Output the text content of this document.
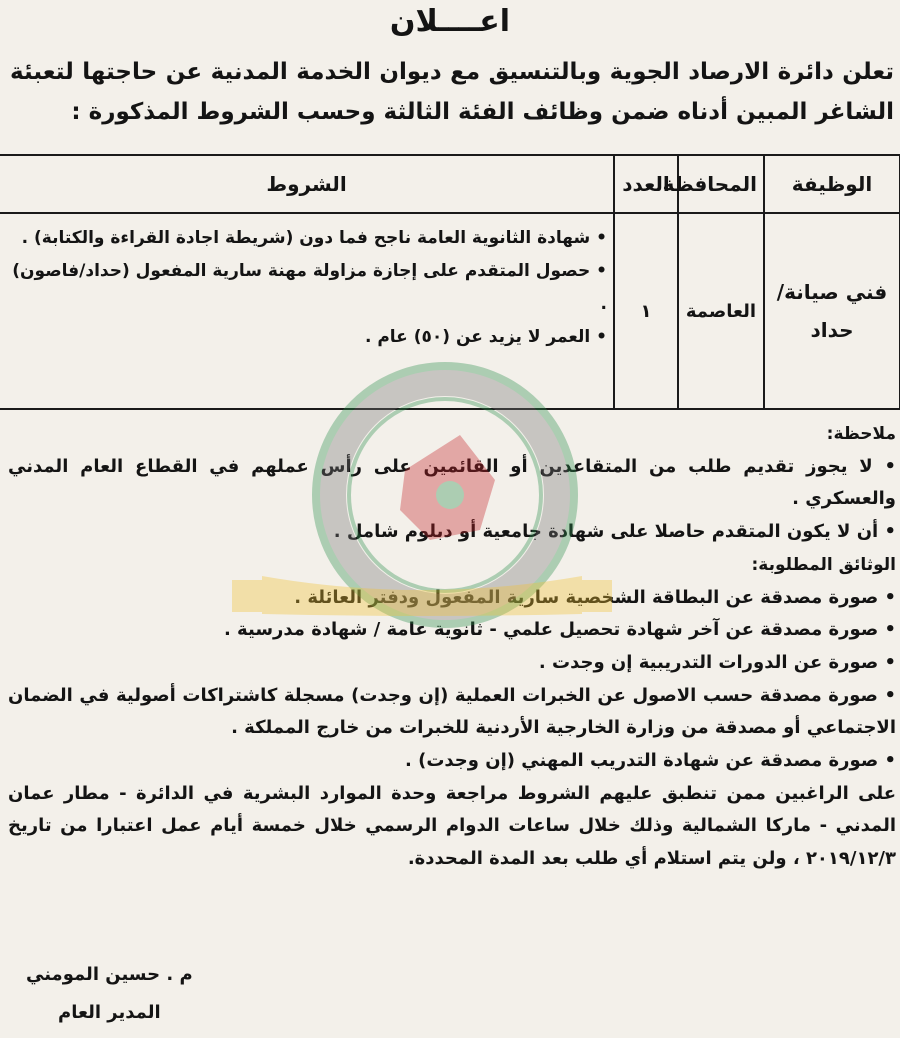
اعــــلان
تعلن دائرة الارصاد الجوية وبالتنسيق مع ديوان الخدمة المدنية عن حاجتها لتعبئة الشاغر المبين أدناه ضمن وظائف الفئة الثالثة وحسب الشروط المذكورة :
الوظيفة	المحافظة	العدد	الشروط
فني صيانة/ حداد	العاصمة	١	• شهادة الثانوية العامة ناجح فما دون (شريطة اجادة القراءة والكتابة) .
• حصول المتقدم على إجازة مزاولة مهنة سارية المفعول (حداد/فاصون) .
• العمر لا يزيد عن (٥٠) عام .
ملاحظة:
• لا يجوز تقديم طلب من المتقاعدين أو القائمين على رأس عملهم في القطاع العام المدني والعسكري .
• أن لا يكون المتقدم حاصلا على شهادة جامعية أو دبلوم شامل .
الوثائق المطلوبة:
• صورة مصدقة عن البطاقة الشخصية سارية المفعول ودفتر العائلة .
• صورة مصدقة عن آخر شهادة تحصيل علمي - ثانوية عامة / شهادة مدرسية .
• صورة عن الدورات التدريبية إن وجدت .
• صورة مصدقة حسب الاصول عن الخبرات العملية (إن وجدت) مسجلة كاشتراكات أصولية في الضمان الاجتماعي أو مصدقة من وزارة الخارجية الأردنية للخبرات من خارج المملكة .
• صورة مصدقة عن شهادة التدريب المهني (إن وجدت) .
على الراغبين ممن تنطبق عليهم الشروط مراجعة وحدة الموارد البشرية في الدائرة - مطار عمان المدني - ماركا الشمالية وذلك خلال ساعات الدوام الرسمي خلال خمسة أيام عمل اعتبارا من تاريخ ٢٠١٩/١٢/٣ ، ولن يتم استلام أي طلب بعد المدة المحددة.
م . حسين المومني
المدير العام
